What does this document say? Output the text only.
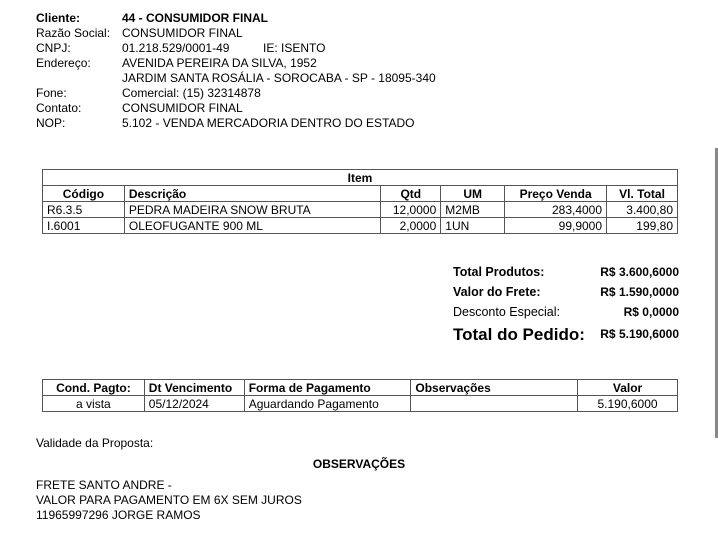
Cliente:	44 - CONSUMIDOR FINAL
Razão Social: CONSUMIDOR FINAL
CNPJ:	01.218.529/0001-49	IE: ISENTO
Endereço:	AVENIDA PEREIRA DA SILVA, 1952
JARDIM SANTA ROSÁLIA - SOROCABA - SP - 18095-340
Fone:	Comercial: (15) 32314878
Contato:	CONSUMIDOR FINAL
NOP:	5.102 - VENDA MERCADORIA DENTRO DO ESTADO
Item					
Código	Descrição	Qtd	UM	Preço Venda	Vl. Total
R6.3.5	PEDRA MADEIRA SNOW BRUTA	12,0000	M2MB	283,4000	3.400,80
I.6001	OLEOFUGANTE 900 ML	2,0000	1UN	99,9000	199,80
Total Produtos:	R$ 3.600,6000
Valor do Frete:	R$ 1.590,0000
Desconto Especial:	R$ 0,0000
Total do Pedido: R$ 5.190,6000
Cond. Pagto:	Dt Vencimento	Forma de Pagamento	Observações	Valor
a vista	05/12/2024	Aguardando Pagamento		5.190,6000
Validade da Proposta:
OBSERVAÇÕES
FRETE SANTO ANDRE -
VALOR PARA PAGAMENTO EM 6X SEM JUROS
11965997296 JORGE RAMOS
